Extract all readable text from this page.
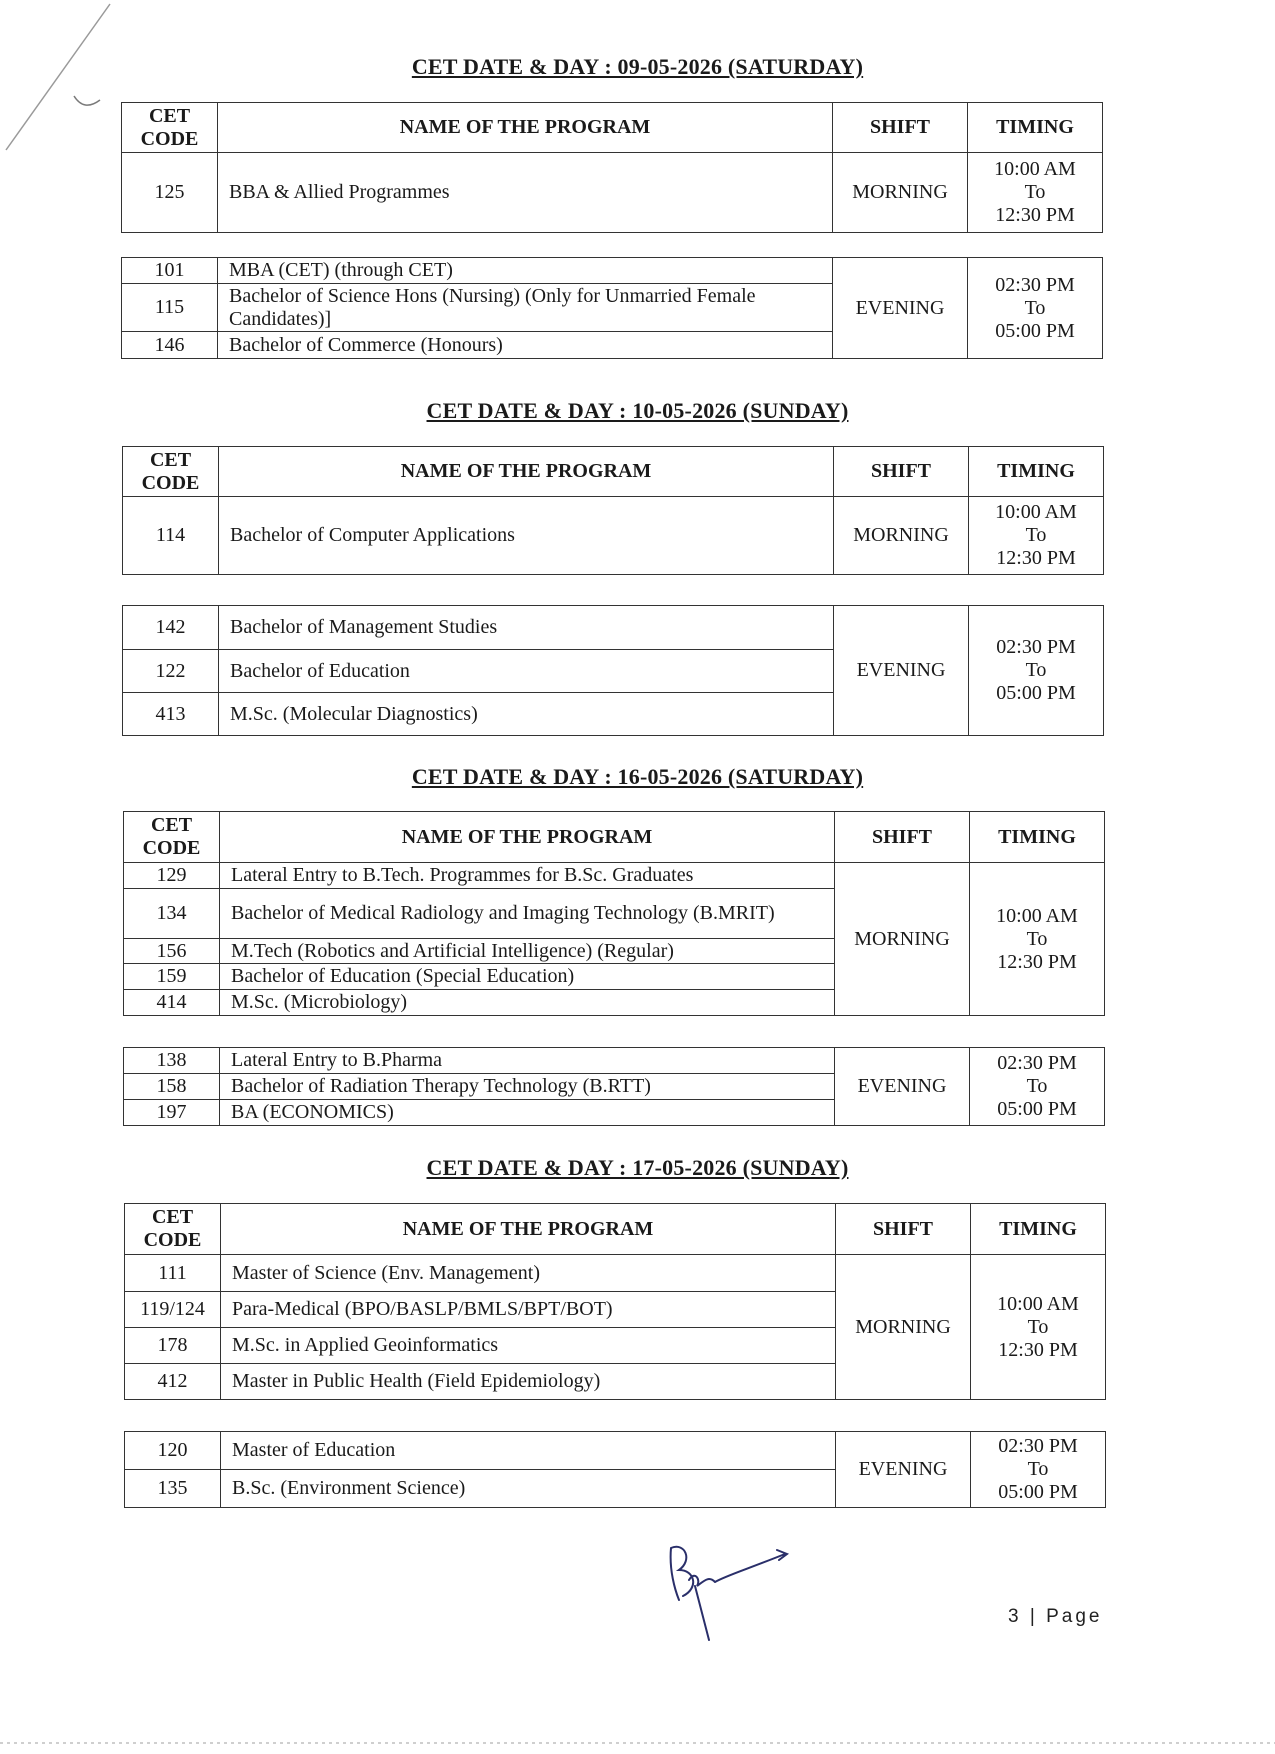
CET DATE & DAY : 09-05-2026 (SATURDAY)
CET
CODE	NAME OF THE PROGRAM	SHIFT	TIMING
125	BBA & Allied Programmes	MORNING	10:00 AM
To
12:30 PM
101	MBA (CET) (through CET)	EVENING	02:30 PM
To
05:00 PM

115	Bachelor of Science Hons (Nursing) (Only for Unmarried Female Candidates)]		
146	Bachelor of Commerce (Honours)		
CET DATE & DAY : 10-05-2026 (SUNDAY)
CET
CODE	NAME OF THE PROGRAM	SHIFT	TIMING
114	Bachelor of Computer Applications	MORNING	10:00 AM
To
12:30 PM
142	Bachelor of Management Studies	EVENING	02:30 PM
To
05:00 PM

122	Bachelor of Education		
413	M.Sc. (Molecular Diagnostics)		
CET DATE & DAY : 16-05-2026 (SATURDAY)
CET
CODE	NAME OF THE PROGRAM	SHIFT	TIMING
129	Lateral Entry to B.Tech. Programmes for B.Sc. Graduates	MORNING	10:00 AM
To
12:30 PM

134	Bachelor of Medical Radiology and Imaging Technology (B.MRIT)		
156	M.Tech (Robotics and Artificial Intelligence) (Regular)		
159	Bachelor of Education (Special Education)		
414	M.Sc. (Microbiology)		
138	Lateral Entry to B.Pharma	EVENING	02:30 PM
To
05:00 PM

158	Bachelor of Radiation Therapy Technology (B.RTT)		
197	BA (ECONOMICS)		
CET DATE & DAY : 17-05-2026 (SUNDAY)
CET
CODE	NAME OF THE PROGRAM	SHIFT	TIMING
111	Master of Science (Env. Management)	MORNING	10:00 AM
To
12:30 PM

119/124	Para-Medical (BPO/BASLP/BMLS/BPT/BOT)		
178	M.Sc. in Applied Geoinformatics		
412	Master in Public Health (Field Epidemiology)		
120	Master of Education	EVENING	02:30 PM
To
05:00 PM

135	B.Sc. (Environment Science)		
3 | Page
